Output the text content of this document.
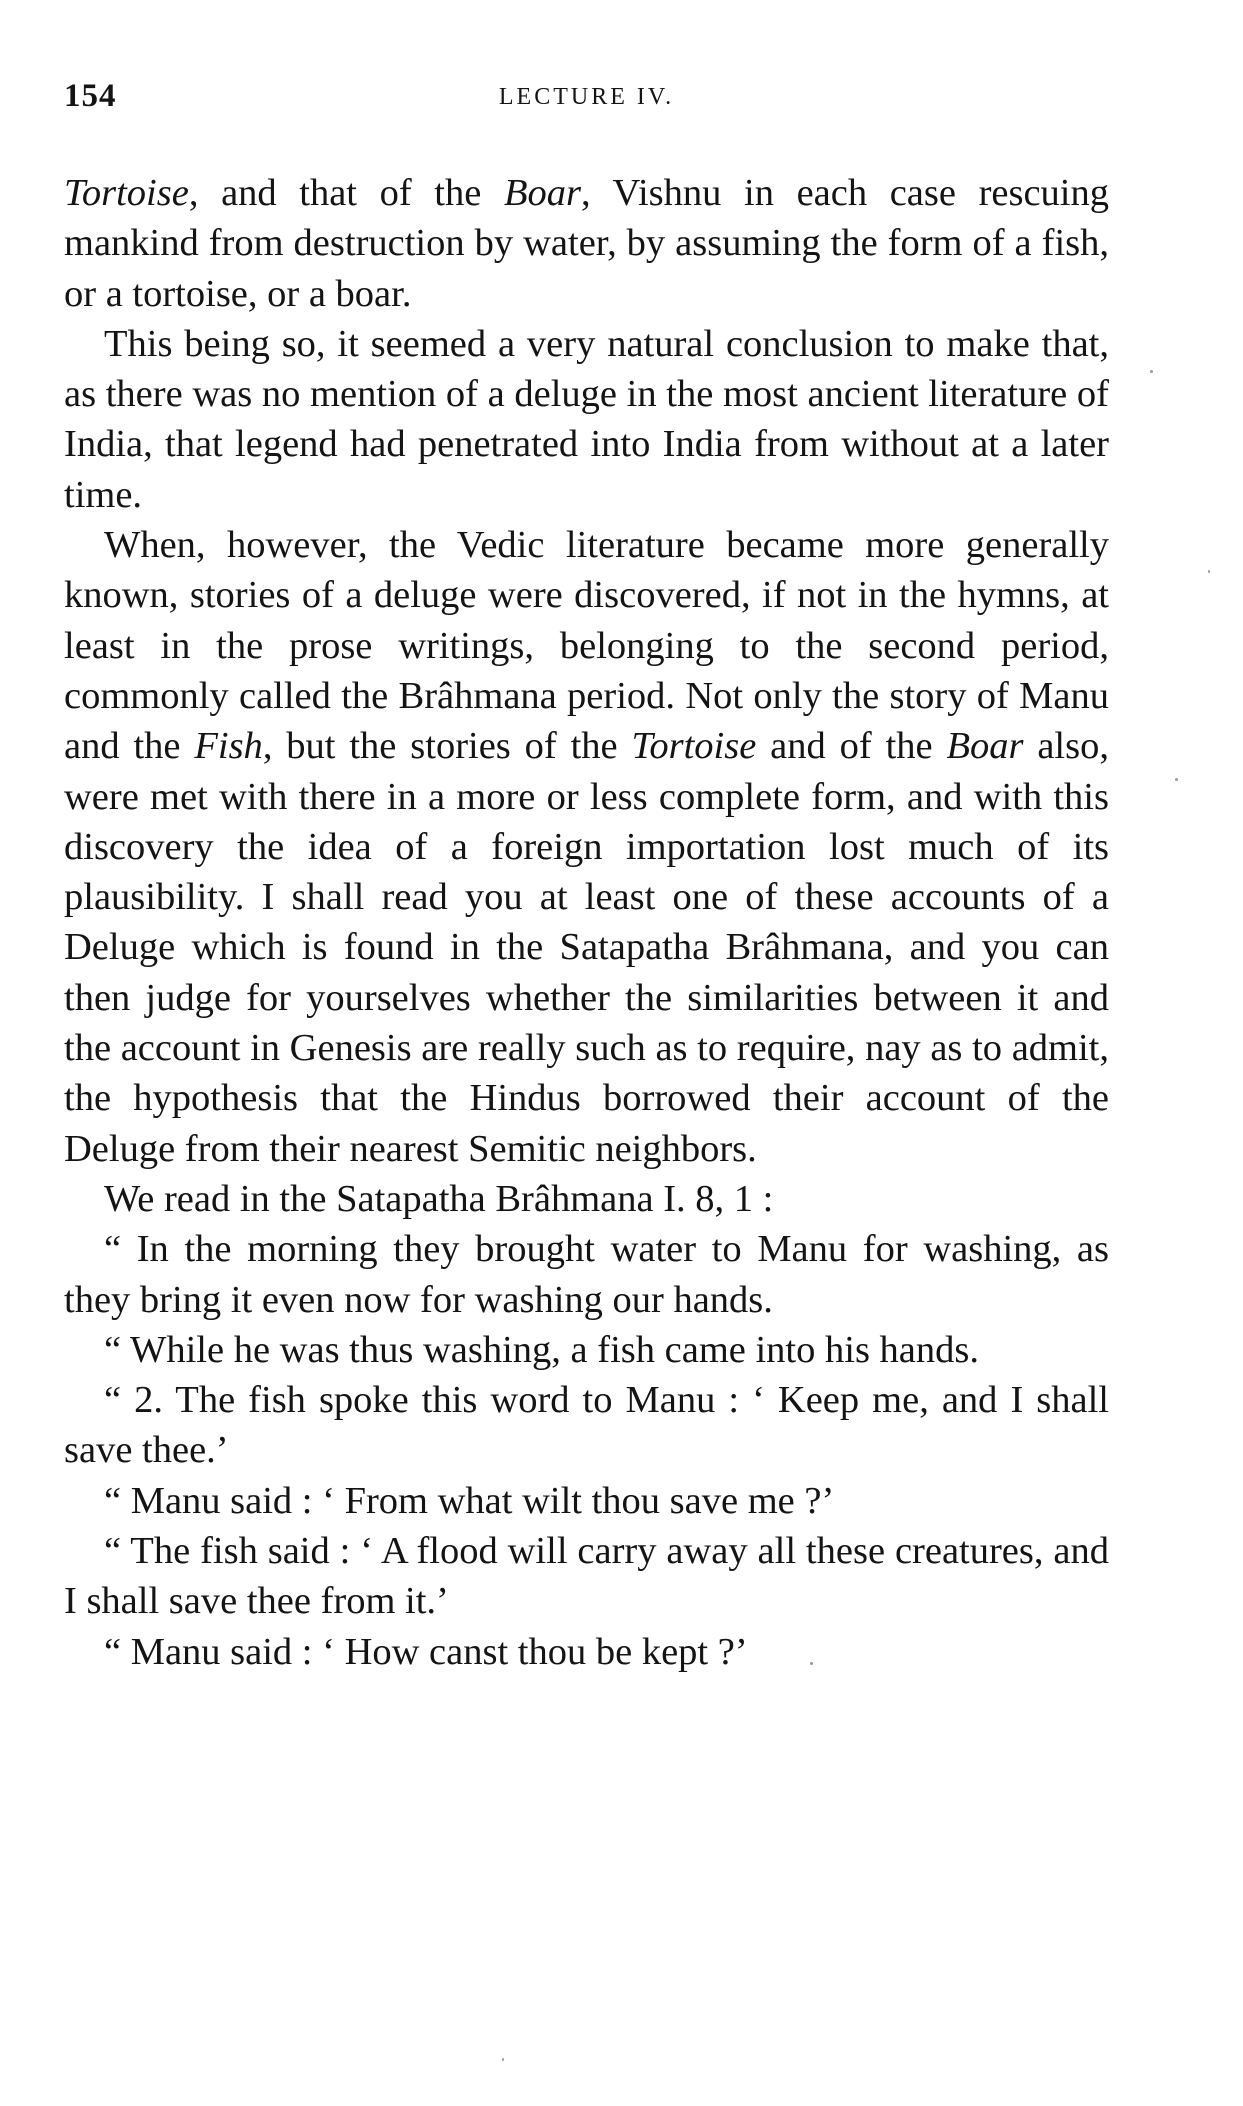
154	LECTURE IV.

Tortoise, and that of the Boar, Vishnu in each case rescuing mankind from destruction by water, by assuming the form of a fish, or a tortoise, or a boar.

This being so, it seemed a very natural conclusion to make that, as there was no mention of a deluge in the most ancient literature of India, that legend had penetrated into India from without at a later time.

When, however, the Vedic literature became more generally known, stories of a deluge were discovered, if not in the hymns, at least in the prose writings, belonging to the second period, commonly called the Brâhmana period. Not only the story of Manu and the Fish, but the stories of the Tortoise and of the Boar also, were met with there in a more or less complete form, and with this discovery the idea of a foreign importation lost much of its plausibility. I shall read you at least one of these accounts of a Deluge which is found in the Satapatha Brâhmana, and you can then judge for yourselves whether the similarities between it and the account in Genesis are really such as to require, nay as to admit, the hypothesis that the Hindus borrowed their account of the Deluge from their nearest Semitic neighbors.

We read in the Satapatha Brâhmana I. 8, 1 :

“ In the morning they brought water to Manu for washing, as they bring it even now for washing our hands.

“ While he was thus washing, a fish came into his hands.

“ 2. The fish spoke this word to Manu : ‘ Keep me, and I shall save thee.’

“ Manu said : ‘ From what wilt thou save me ?’

“ The fish said : ‘ A flood will carry away all these creatures, and I shall save thee from it.’

“ Manu said : ‘ How canst thou be kept ?’
